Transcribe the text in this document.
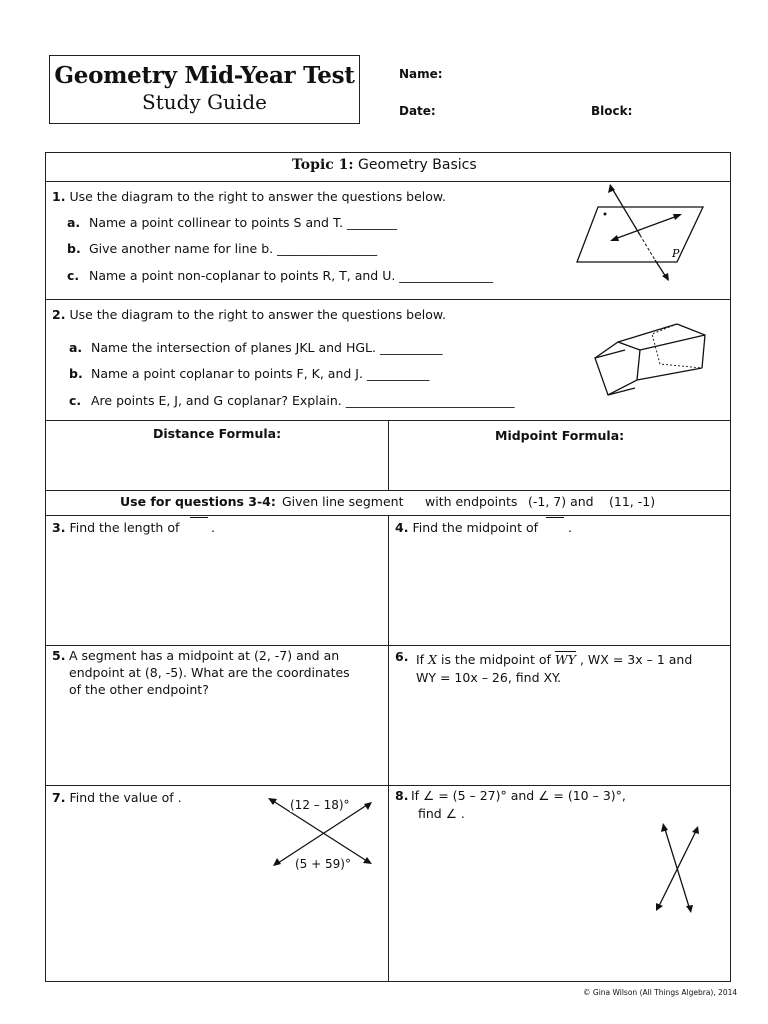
Geometry Mid-Year Test
Study Guide
Name:
Date:	Block:
Topic 1: Geometry Basics
1. Use the diagram to the right to answer the questions below.
a. Name a point collinear to points S and T. ________
b. Give another name for line b. ________________
c. Name a point non-coplanar to points R, T, and U. _______________
P
2. Use the diagram to the right to answer the questions below.
a. Name the intersection of planes JKL and HGL. __________
b. Name a point coplanar to points F, K, and J. __________
c. Are points E, J, and G coplanar? Explain. ___________________________
Distance Formula:	Midpoint Formula:
Use for questions 3-4: Given line segment with endpoints (-1, 7) and (11, -1)
3. Find the length of	.	4. Find the midpoint of .
5. A segment has a midpoint at (2, -7) and an
endpoint at (8, -5). What are the coordinates
of the other endpoint?
6. If X is the midpoint of $\overline{WY}$ , WX = 3x – 1 and
WY = 10x – 26, find XY.
7. Find the value of .	(12 – 18)°
(5 + 59)°
8. If ∠ = (5 – 27)° and ∠ = (10 – 3)°,
find ∠ .
© Gina Wilson (All Things Algebra), 2014
